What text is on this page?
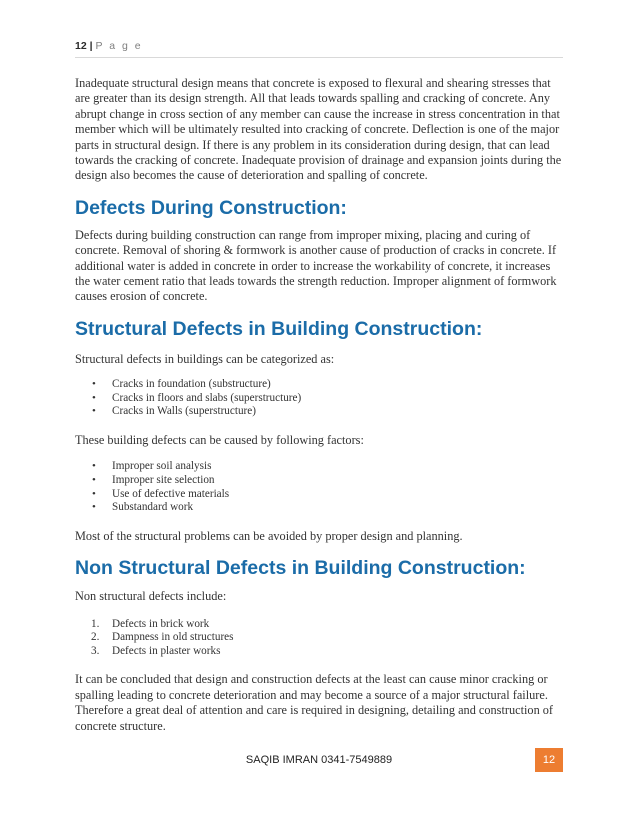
12 | P a g e

Inadequate structural design means that concrete is exposed to flexural and shearing stresses that are greater than its design strength. All that leads towards spalling and cracking of concrete. Any abrupt change in cross section of any member can cause the increase in stress concentration in that member which will be ultimately resulted into cracking of concrete. Deflection is one of the major parts in structural design. If there is any problem in its consideration during design, that can lead towards the cracking of concrete. Inadequate provision of drainage and expansion joints during the design also becomes the cause of deterioration and spalling of concrete.

Defects During Construction:

Defects during building construction can range from improper mixing, placing and curing of concrete. Removal of shoring & formwork is another cause of production of cracks in concrete. If additional water is added in concrete in order to increase the workability of concrete, it increases the water cement ratio that leads towards the strength reduction. Improper alignment of formwork causes erosion of concrete.

Structural Defects in Building Construction:

Structural defects in buildings can be categorized as:

• Cracks in foundation (substructure)
• Cracks in floors and slabs (superstructure)
• Cracks in Walls (superstructure)

These building defects can be caused by following factors:

• Improper soil analysis
• Improper site selection
• Use of defective materials
• Substandard work

Most of the structural problems can be avoided by proper design and planning.

Non Structural Defects in Building Construction:

Non structural defects include:

1. Defects in brick work
2. Dampness in old structures
3. Defects in plaster works

It can be concluded that design and construction defects at the least can cause minor cracking or spalling leading to concrete deterioration and may become a source of a major structural failure. Therefore a great deal of attention and care is required in designing, detailing and construction of concrete structure.

SAQIB IMRAN 0341-7549889	12
